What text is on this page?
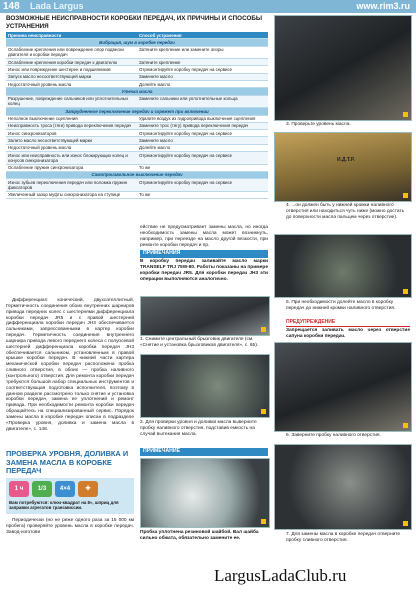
148 Lada Largus	www.rim3.ru
ВОЗМОЖНЫЕ НЕИСПРАВНОСТИ КОРОБКИ ПЕРЕДАЧ, ИХ ПРИЧИНЫ И СПОСОБЫ УСТРАНЕНИЯ
Причина неисправности	Способ устранения
Вибрация, шум в коробке передач	
Ослабление крепления или повреждение опор подвески двигателя и коробки передач	Затяните крепление или замените опоры
Ослабление крепления коробки передач к двигателю	Затяните крепление
Износ или повреждение шестерен и подшипников	Отремонтируйте коробку передач на сервисе
Запуск масло несоответствующей марки	Замените масло
Недостаточный уровень масла	Долейте масло
Утечка масла	
Разрушение, повреждение сальников или уплотнительных колец	Замените сальники или уплотнительные кольца
Затрудненное переключение передач и скрежет при включении	
Неполное выключение сцепления	Удалите воздух из гидропривода выключения сцепления
Неисправность троса (тяги) привода переключения передач	Замените трос (тягу) привода переключения передач
Износ синхронизаторов	Отремонтируйте коробку передач на сервисе
Залито масло несоответствующей марки	Замените масло
Недостаточный уровень масла	Долейте масло
Износ или неисправность или износ блокирующих колец и конусов синхронизатора	Отремонтируйте коробку передач на сервисе
Ослабление пружин синхронизатора	То же
Самопроизвольное выключение передач	
Износ зубьев переключения передач или поломка пружин фиксаторов	Отремонтируйте коробку передач на сервисе
Увеличенный зазор муфты синхронизатора на ступице	То же

Дифференциал конический, двухсателлитный. Герметичность соединения обоих внутренних шарниров привода передних колес с шестернями дифференциала коробки передач JR5 и с правой шестерней дифференциала коробки передач JH3 обеспечивается сальниками, запрессованными в картер коробки передач. Герметичность соединения внутреннего шарнира привода левого переднего колеса с полуосевой шестерней дифференциала коробки передач JH3 обеспечивается сальником, установленным в правой крышке коробки передач. В нижней части картера механической коробки передач расположена пробка сливного отверстия, в обоих — пробка наливного (контрольного) отверстия. Для ремонта коробки передач требуются большой набор специальных инструментов и соответствующая подготовка исполнителя, поэтому в данном разделе рассмотрено только снятие и установка коробки передач, замена ее уплотнений и ремонт привода. При необходимости ремонта коробки передач обращайтесь на специализированный сервис. Порядок замены масла в коробке передач описан в подразделе «Проверка уровня, доливка и замена масла в двигателе», с. 148.

ПРОВЕРКА УРОВНЯ, ДОЛИВКА И ЗАМЕНА МАСЛА В КОРОБКЕ ПЕРЕДАЧ
1 ч	1/3	4×4	✚
Вам потребуются: ключ-квадрат на 8», шприц для заправки агрегатов трансмиссии.

Периодически (но не реже одного раза за 15 000 км пробега) проверяйте уровень масла в коробке передач. Завод-изготови

ействие не предусматривает замены масла, но иногда необходимость замены масла может возникнуть, например, при переезде на масло другой вязкости, при ремонте коробки передач и пр.

ПРИМЕЧАНИЯ
В коробку передач заливайте масло марки TRANSELF TRJ 75W-80. Работы показаны на примере коробки передач JR5. Для коробки передач JH3 эти операции выполняются аналогично.
1. Снимите центральный брызговик двигателя (см. «Снятие и установка брызговиков двигателя», с. 65).
2. Для проверки уровня и доливки масла выверните пробку наливного отверстия, подставив емкость на случай вытекания масла.
ПРИМЕЧАНИЕ
Пробка уплотнена резиновой шайбой. Вал шайба сильно обжата, обязательно замените ее.
3. Проверьте уровень масла.
И.Д.Т.Р.
4. ...он должен быть у нижней кромки наливного отверстия или находиться чуть ниже (можно достать до поверхности масла пальцем через отверстие).
5. При необходимости долейте масло в коробку передач до нижней кромки наливного отверстия.
ПРЕДУПРЕЖДЕНИЕ
Запрещается заливать масло через отверстие сапуна коробки передач.
6. Заверните пробку наливного отверстия.
7. Для замены масла в коробке передач отверните пробку сливного отверстия.
LargusLadaClub.ru
